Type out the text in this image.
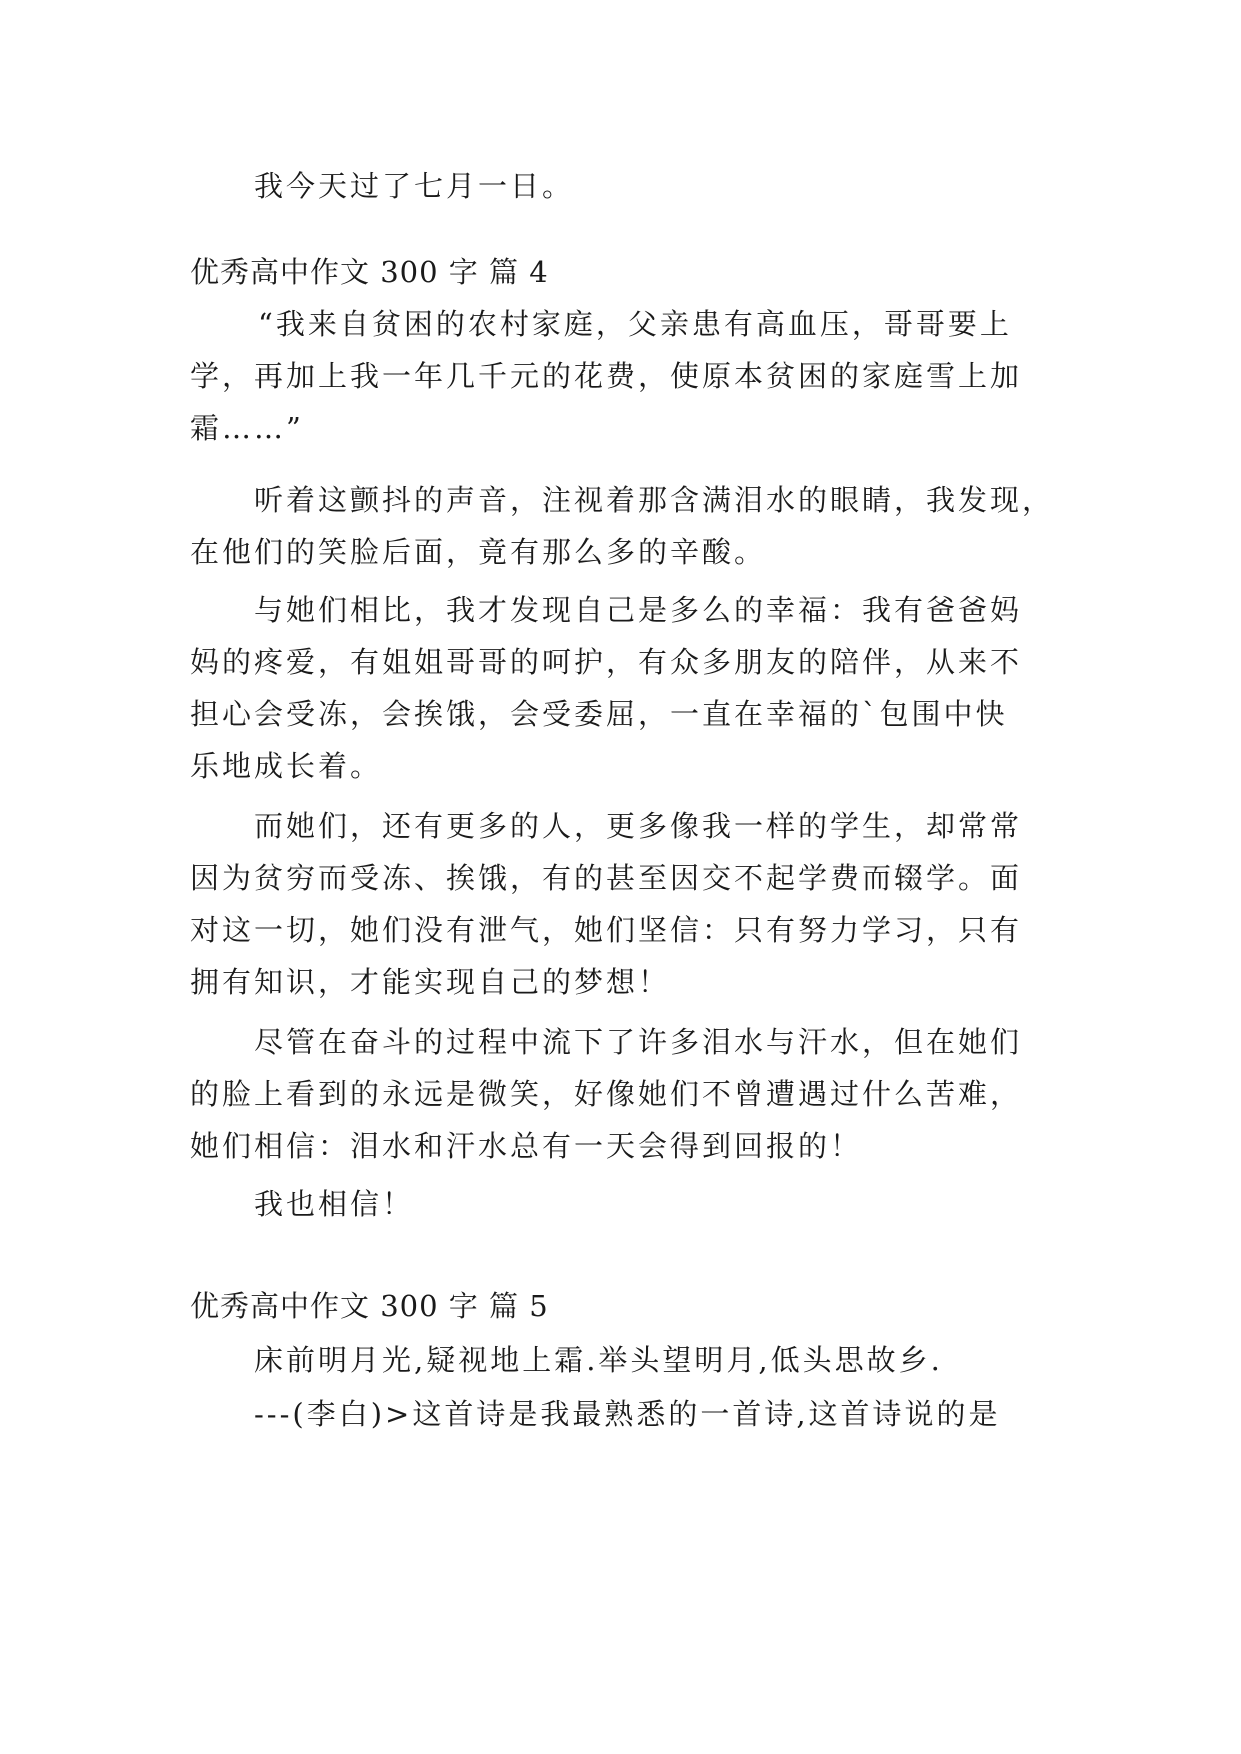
我今天过了七月一日。
优秀高中作文 300 字 篇 4
“我来自贫困的农村家庭，父亲患有高血压，哥哥要上
学，再加上我一年几千元的花费，使原本贫困的家庭雪上加
霜……”
听着这颤抖的声音，注视着那含满泪水的眼睛，我发现，
在他们的笑脸后面，竟有那么多的辛酸。
与她们相比，我才发现自己是多么的幸福：我有爸爸妈
妈的疼爱，有姐姐哥哥的呵护，有众多朋友的陪伴，从来不
担心会受冻，会挨饿，会受委屈，一直在幸福的`包围中快
乐地成长着。
而她们，还有更多的人，更多像我一样的学生，却常常
因为贫穷而受冻、挨饿，有的甚至因交不起学费而辍学。面
对这一切，她们没有泄气，她们坚信：只有努力学习，只有
拥有知识，才能实现自己的梦想！
尽管在奋斗的过程中流下了许多泪水与汗水，但在她们
的脸上看到的永远是微笑，好像她们不曾遭遇过什么苦难，
她们相信：泪水和汗水总有一天会得到回报的！
我也相信！
优秀高中作文 300 字 篇 5
床前明月光,疑视地上霜.举头望明月,低头思故乡.
---(李白)>这首诗是我最熟悉的一首诗,这首诗说的是
